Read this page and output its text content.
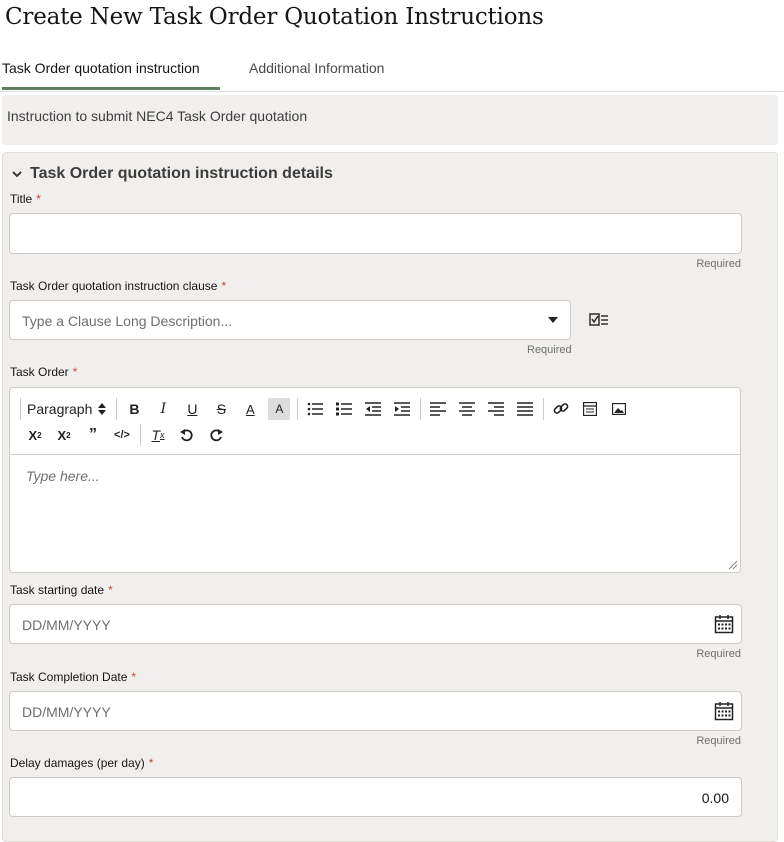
Create New Task Order Quotation Instructions
Task Order quotation instruction	Additional Information
Instruction to submit NEC4 Task Order quotation
Task Order quotation instruction details
Title *
Required
Task Order quotation instruction clause *
Type a Clause Long Description...
Required
Task Order *
Paragraph	B	I	U	S	A	A
X 2	X 2	”	</>	T x
Type here...
Task starting date *
DD/MM/YYYY
Required
Task Completion Date *
DD/MM/YYYY
Required
Delay damages (per day) *
0.00
